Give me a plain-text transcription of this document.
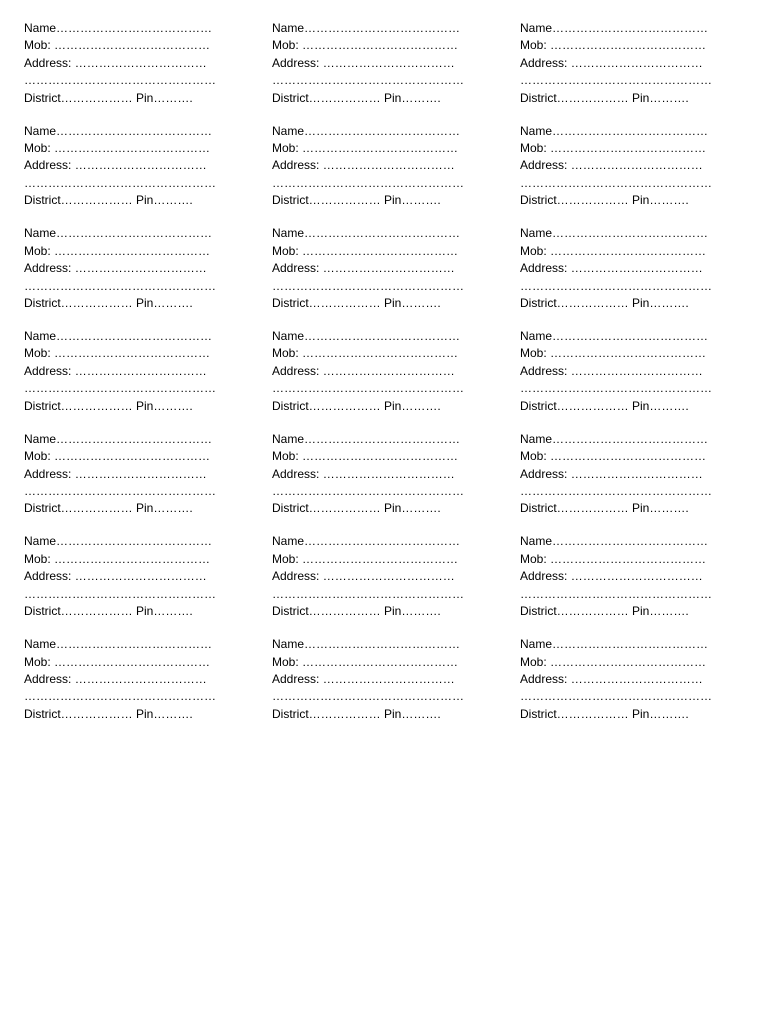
Name…………………………………
Mob: …………………………………
Address: ……………………………
…………………………………………
District……………… Pin……….
Name…………………………………
Mob: …………………………………
Address: ……………………………
…………………………………………
District……………… Pin……….
Name…………………………………
Mob: …………………………………
Address: ……………………………
…………………………………………
District……………… Pin……….
Name…………………………………
Mob: …………………………………
Address: ……………………………
…………………………………………
District……………… Pin……….
Name…………………………………
Mob: …………………………………
Address: ……………………………
…………………………………………
District……………… Pin……….
Name…………………………………
Mob: …………………………………
Address: ……………………………
…………………………………………
District……………… Pin……….
Name…………………………………
Mob: …………………………………
Address: ……………………………
…………………………………………
District……………… Pin……….
Name…………………………………
Mob: …………………………………
Address: ……………………………
…………………………………………
District……………… Pin……….
Name…………………………………
Mob: …………………………………
Address: ……………………………
…………………………………………
District……………… Pin……….
Name…………………………………
Mob: …………………………………
Address: ……………………………
…………………………………………
District……………… Pin……….
Name…………………………………
Mob: …………………………………
Address: ……………………………
…………………………………………
District……………… Pin……….
Name…………………………………
Mob: …………………………………
Address: ……………………………
…………………………………………
District……………… Pin……….
Name…………………………………
Mob: …………………………………
Address: ……………………………
…………………………………………
District……………… Pin……….
Name…………………………………
Mob: …………………………………
Address: ……………………………
…………………………………………
District……………… Pin……….
Name…………………………………
Mob: …………………………………
Address: ……………………………
…………………………………………
District……………… Pin……….
Name…………………………………
Mob: …………………………………
Address: ……………………………
…………………………………………
District……………… Pin……….
Name…………………………………
Mob: …………………………………
Address: ……………………………
…………………………………………
District……………… Pin……….
Name…………………………………
Mob: …………………………………
Address: ……………………………
…………………………………………
District……………… Pin……….
Name…………………………………
Mob: …………………………………
Address: ……………………………
…………………………………………
District……………… Pin……….
Name…………………………………
Mob: …………………………………
Address: ……………………………
…………………………………………
District……………… Pin……….
Name…………………………………
Mob: …………………………………
Address: ……………………………
…………………………………………
District……………… Pin……….
